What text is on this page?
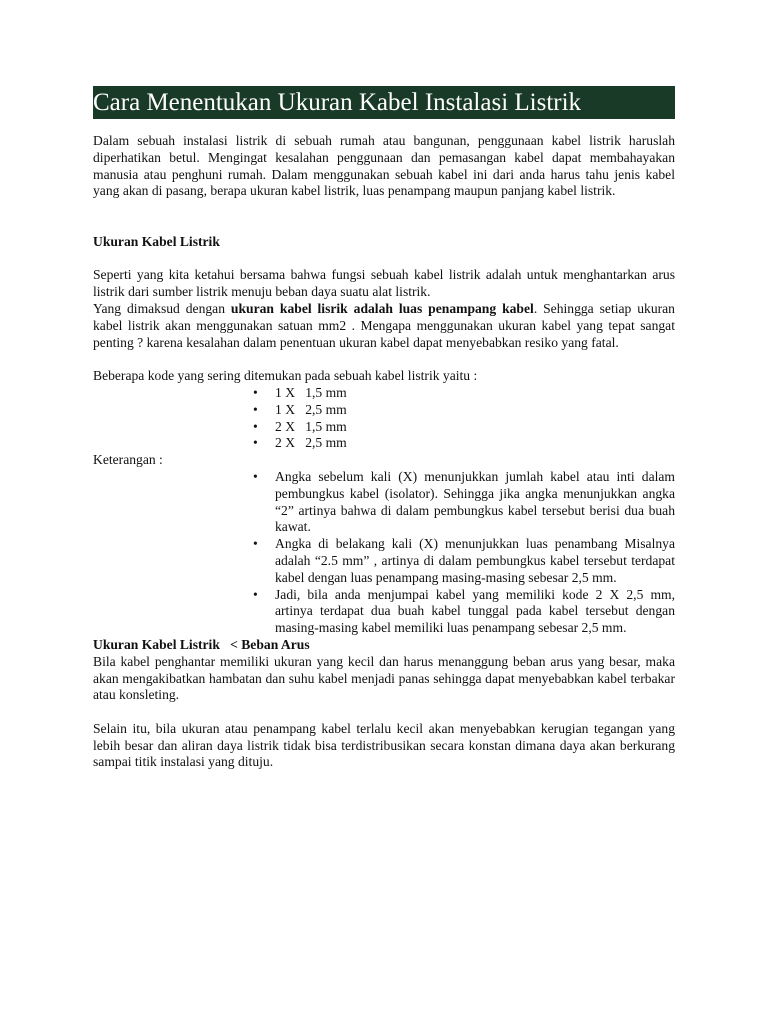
Cara Menentukan Ukuran Kabel Instalasi Listrik

Dalam sebuah instalasi listrik di sebuah rumah atau bangunan, penggunaan kabel listrik haruslah diperhatikan betul. Mengingat kesalahan penggunaan dan pemasangan kabel dapat membahayakan manusia atau penghuni rumah. Dalam menggunakan sebuah kabel ini dari anda harus tahu jenis kabel yang akan di pasang, berapa ukuran kabel listrik, luas penampang maupun panjang kabel listrik.

Ukuran Kabel Listrik

Seperti yang kita ketahui bersama bahwa fungsi sebuah kabel listrik adalah untuk menghantarkan arus listrik dari sumber listrik menuju beban daya suatu alat listrik.

Yang dimaksud dengan ukuran kabel lisrik adalah luas penampang kabel. Sehingga setiap ukuran kabel listrik akan menggunakan satuan mm2 . Mengapa menggunakan ukuran kabel yang tepat sangat penting ? karena kesalahan dalam penentuan ukuran kabel dapat menyebabkan resiko yang fatal.

Beberapa kode yang sering ditemukan pada sebuah kabel listrik yaitu :

• 1 X   1,5 mm
• 1 X   2,5 mm
• 2 X   1,5 mm
• 2 X   2,5 mm

Keterangan :

• Angka sebelum kali (X) menunjukkan jumlah kabel atau inti dalam pembungkus kabel (isolator). Sehingga jika angka menunjukkan angka “2” artinya bahwa di dalam pembungkus kabel tersebut berisi dua buah kawat.
• Angka di belakang kali (X) menunjukkan luas penambang Misalnya adalah “2.5 mm” , artinya di dalam pembungkus kabel tersebut terdapat kabel dengan luas penampang masing-masing sebesar 2,5 mm.
• Jadi, bila anda menjumpai kabel yang memiliki kode 2 X 2,5 mm, artinya terdapat dua buah kabel tunggal pada kabel tersebut dengan masing-masing kabel memiliki luas penampang sebesar 2,5 mm.
Ukuran Kabel Listrik   < Beban Arus

Bila kabel penghantar memiliki ukuran yang kecil dan harus menanggung beban arus yang besar, maka akan mengakibatkan hambatan dan suhu kabel menjadi panas sehingga dapat menyebabkan kabel terbakar atau konsleting.

Selain itu, bila ukuran atau penampang kabel terlalu kecil akan menyebabkan kerugian tegangan yang lebih besar dan aliran daya listrik tidak bisa terdistribusikan secara konstan dimana daya akan berkurang sampai titik instalasi yang dituju.
